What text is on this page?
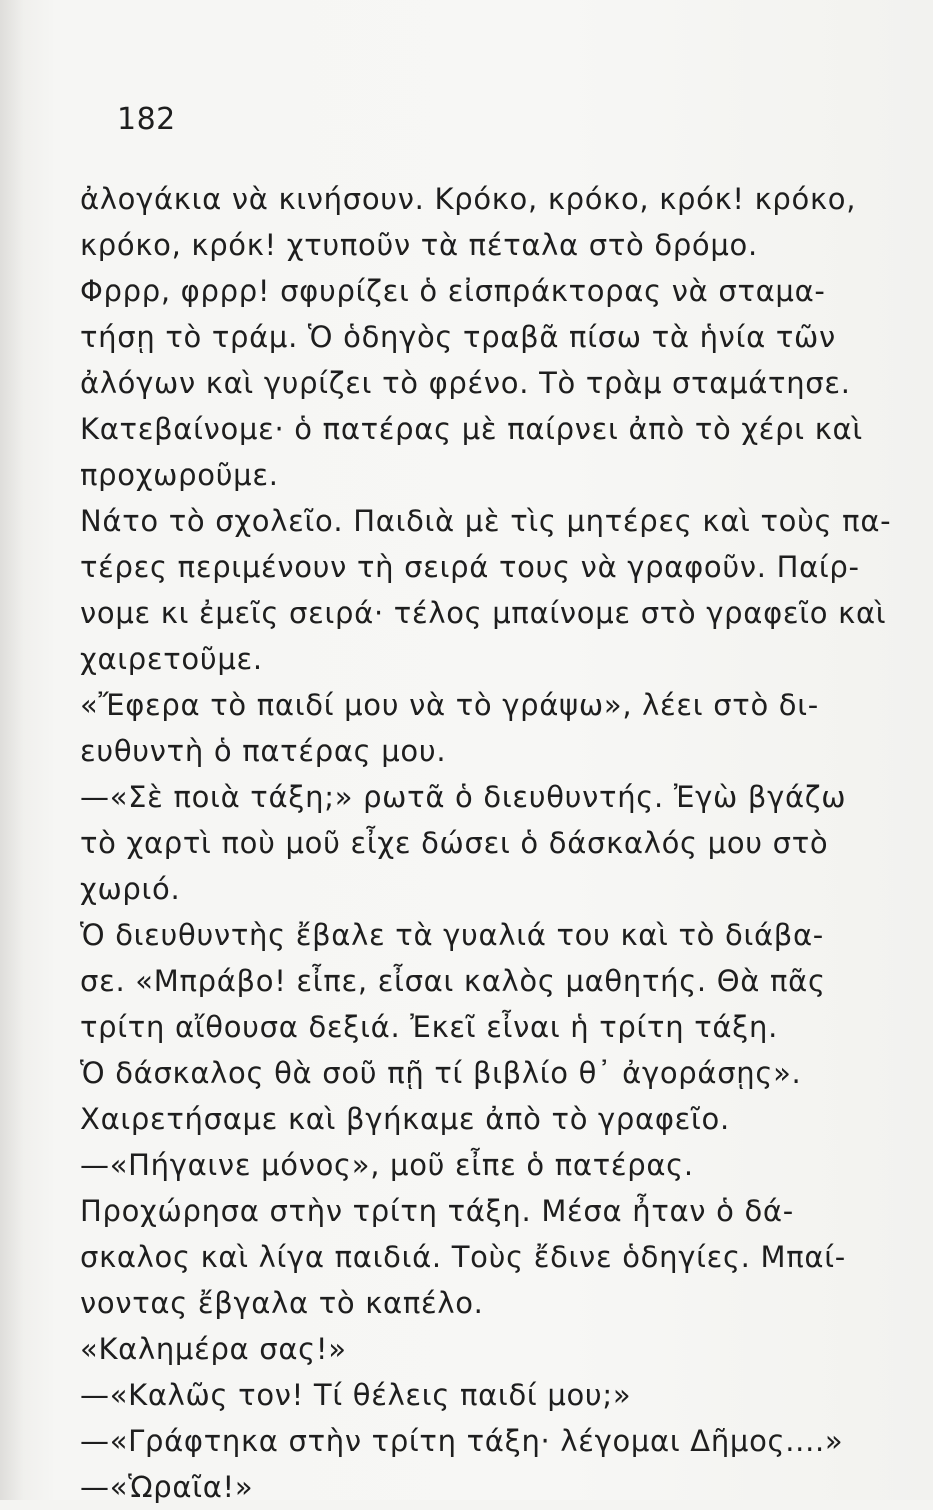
182
ἀλογάκια νὰ κινήσουν. Κρόκο, κρόκο, κρόκ! κρόκο,
κρόκο, κρόκ! χτυποῦν τὰ πέταλα στὸ δρόμο.
Φρρρ, φρρρ! σφυρίζει ὁ εἰσπράκτορας νὰ σταμα-
τήσῃ τὸ τράμ. Ὁ ὁδηγὸς τραβᾶ πίσω τὰ ἡνία τῶν
ἀλόγων καὶ γυρίζει τὸ φρένο. Τὸ τρὰμ σταμάτησε.
Κατεβαίνομε· ὁ πατέρας μὲ παίρνει ἀπὸ τὸ χέρι καὶ
προχωροῦμε.
Νάτο τὸ σχολεῖο. Παιδιὰ μὲ τὶς μητέρες καὶ τοὺς πα-
τέρες περιμένουν τὴ σειρά τους νὰ γραφοῦν. Παίρ-
νομε κι ἐμεῖς σειρά· τέλος μπαίνομε στὸ γραφεῖο καὶ
χαιρετοῦμε.
«Ἔφερα τὸ παιδί μου νὰ τὸ γράψω», λέει στὸ δι-
ευθυντὴ ὁ πατέρας μου.
—«Σὲ ποιὰ τάξη;» ρωτᾶ ὁ διευθυντής. Ἐγὼ βγάζω
τὸ χαρτὶ ποὺ μοῦ εἶχε δώσει ὁ δάσκαλός μου στὸ
χωριό.
Ὁ διευθυντὴς ἔβαλε τὰ γυαλιά του καὶ τὸ διάβα-
σε. «Μπράβο! εἶπε, εἶσαι καλὸς μαθητής. Θὰ πᾶς
τρίτη αἴθουσα δεξιά. Ἐκεῖ εἶναι ἡ τρίτη τάξη.
Ὁ δάσκαλος θὰ σοῦ πῇ τί βιβλίο θ᾽ ἀγοράσῃς».
Χαιρετήσαμε καὶ βγήκαμε ἀπὸ τὸ γραφεῖο.
—«Πήγαινε μόνος», μοῦ εἶπε ὁ πατέρας.
Προχώρησα στὴν τρίτη τάξη. Μέσα ἦταν ὁ δά-
σκαλος καὶ λίγα παιδιά. Τοὺς ἔδινε ὁδηγίες. Μπαί-
νοντας ἔβγαλα τὸ καπέλο.
«Καλημέρα σας!»
—«Καλῶς τον! Τί θέλεις παιδί μου;»
—«Γράφτηκα στὴν τρίτη τάξη· λέγομαι Δῆμος....»
—«Ὡραῖα!»
